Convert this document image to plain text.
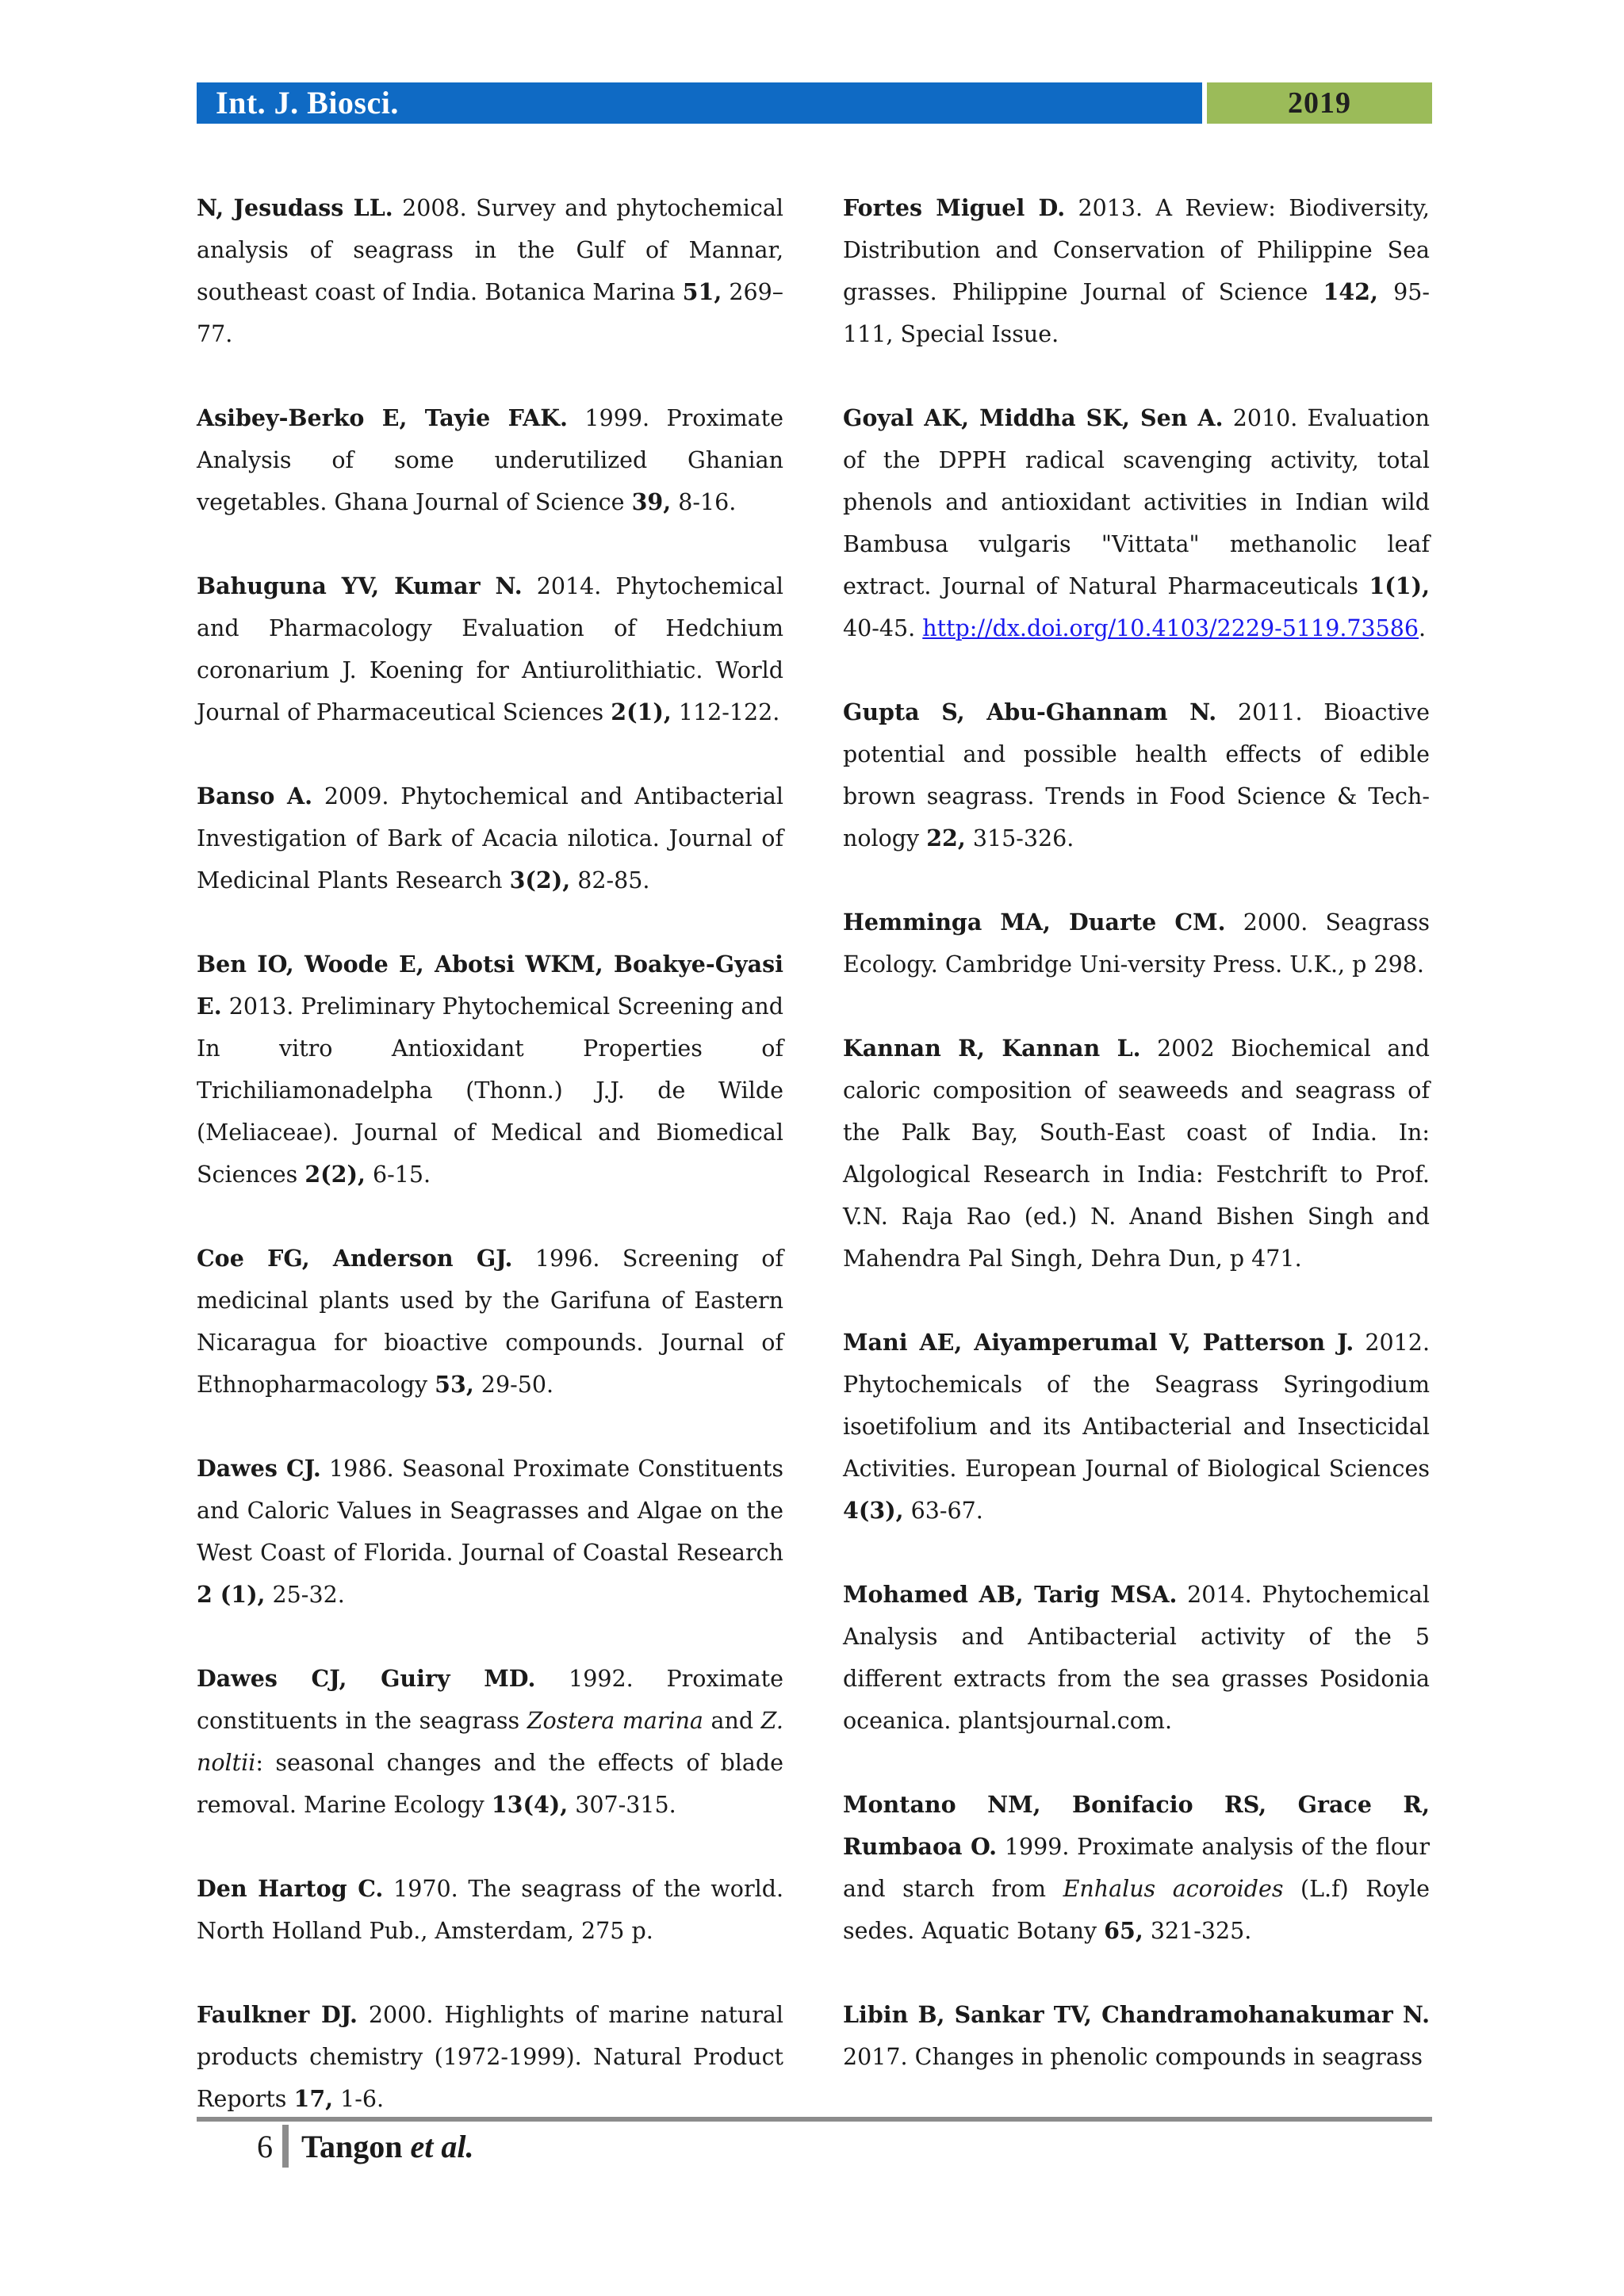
Int. J. Biosci.	2019

N, Jesudass LL. 2008. Survey and phytochemical analysis of seagrass in the Gulf of Mannar, southeast coast of India. Botanica Marina 51, 269–77.

Asibey-Berko E, Tayie FAK. 1999. Proximate Analysis of some underutilized Ghanian vegetables. Ghana Journal of Science 39, 8-16.

Bahuguna YV, Kumar N. 2014. Phytochemical and Pharmacology Evaluation of Hedchium coronarium J. Koening for Antiurolithiatic. World Journal of Pharmaceutical Sciences 2(1), 112-122.

Banso A. 2009. Phytochemical and Antibacterial Investigation of Bark of Acacia nilotica. Journal of Medicinal Plants Research 3(2), 82-85.

Ben IO, Woode E, Abotsi WKM, Boakye-Gyasi E. 2013. Preliminary Phytochemical Screening and In vitro Antioxidant Properties of Trichiliamonadelpha (Thonn.) J.J. de Wilde (Meliaceae). Journal of Medical and Biomedical Sciences 2(2), 6-15.

Coe FG, Anderson GJ. 1996. Screening of medicinal plants used by the Garifuna of Eastern Nicaragua for bioactive compounds. Journal of Ethnopharmacology 53, 29-50.

Dawes CJ. 1986. Seasonal Proximate Constituents and Caloric Values in Seagrasses and Algae on the West Coast of Florida. Journal of Coastal Research 2 (1), 25-32.

Dawes CJ, Guiry MD. 1992. Proximate constituents in the seagrass Zostera marina and Z. noltii: seasonal changes and the effects of blade removal. Marine Ecology 13(4), 307-315.

Den Hartog C. 1970. The seagrass of the world. North Holland Pub., Amsterdam, 275 p.

Faulkner DJ. 2000. Highlights of marine natural products chemistry (1972-1999). Natural Product Reports 17, 1-6.

Fortes Miguel D. 2013. A Review: Biodiversity, Distribution and Conservation of Philippine Sea grasses. Philippine Journal of Science 142, 95-111, Special Issue.

Goyal AK, Middha SK, Sen A. 2010. Evaluation of the DPPH radical scavenging activity, total phenols and antioxidant activities in Indian wild Bambusa vulgaris "Vittata" methanolic leaf extract. Journal of Natural Pharmaceuticals 1(1), 40-45. http://dx.doi.org/10.4103/2229-5119.73586.

Gupta S, Abu-Ghannam N. 2011. Bioactive potential and possible health effects of edible brown seagrass. Trends in Food Science & Tech-nology 22, 315-326.

Hemminga MA, Duarte CM. 2000. Seagrass Ecology. Cambridge Uni-versity Press. U.K., p 298.

Kannan R, Kannan L. 2002 Biochemical and caloric composition of seaweeds and seagrass of the Palk Bay, South-East coast of India. In: Algological Research in India: Festchrift to Prof. V.N. Raja Rao (ed.) N. Anand Bishen Singh and Mahendra Pal Singh, Dehra Dun, p 471.

Mani AE, Aiyamperumal V, Patterson J. 2012. Phytochemicals of the Seagrass Syringodium isoetifolium and its Antibacterial and Insecticidal Activities. European Journal of Biological Sciences 4(3), 63-67.

Mohamed AB, Tarig MSA. 2014. Phytochemical Analysis and Antibacterial activity of the 5 different extracts from the sea grasses Posidonia oceanica. plantsjournal.com.

Montano NM, Bonifacio RS, Grace R, Rumbaoa O. 1999. Proximate analysis of the flour and starch from Enhalus acoroides (L.f) Royle sedes. Aquatic Botany 65, 321-325.

Libin B, Sankar TV, Chandramohanakumar N. 2017. Changes in phenolic compounds in seagrass

6 Tangon et al.
